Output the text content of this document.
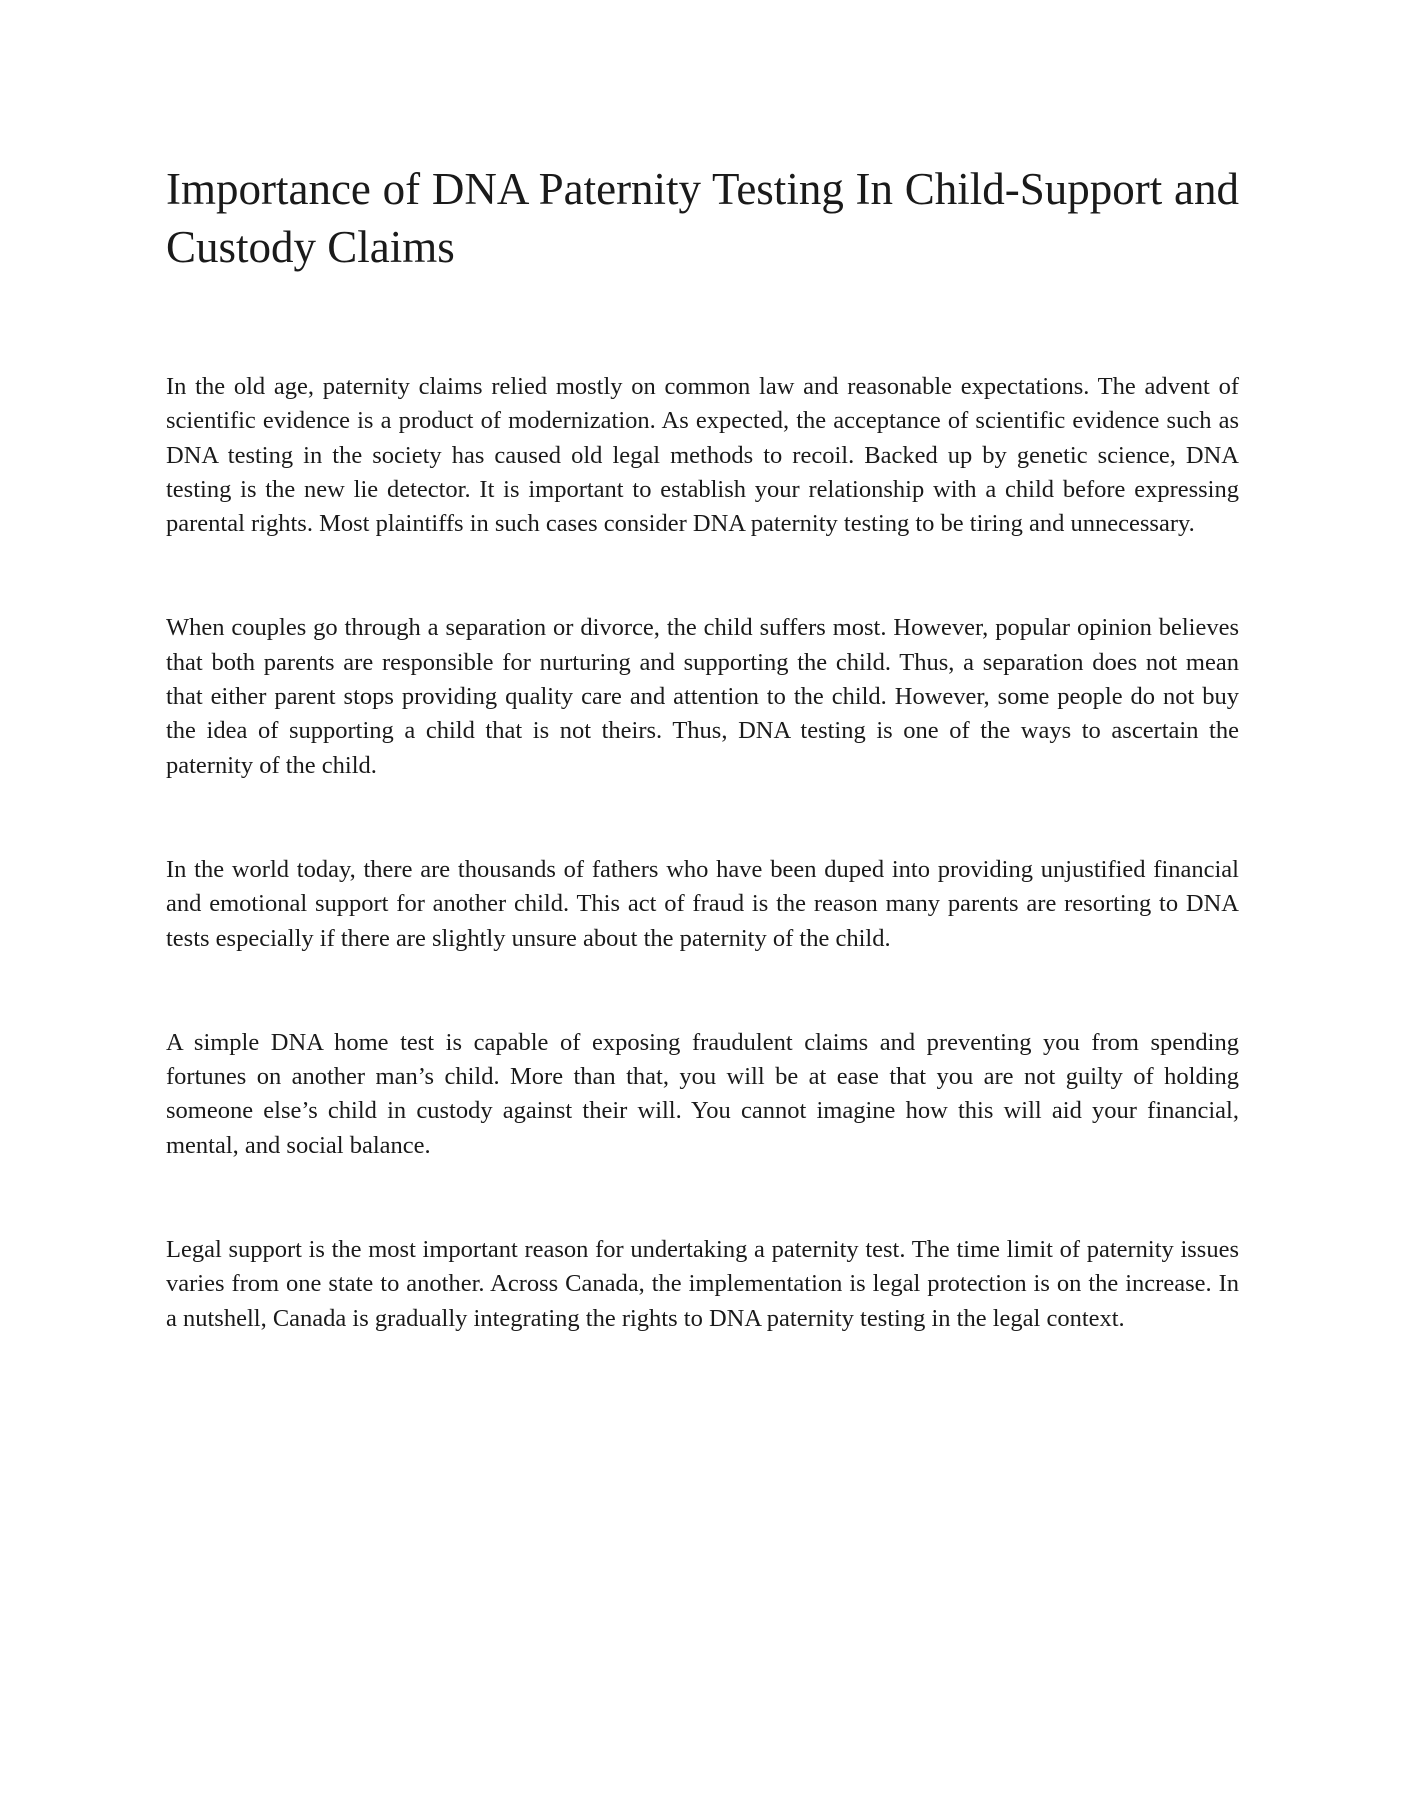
Importance of DNA Paternity Testing In Child-Support and Custody Claims

In the old age, paternity claims relied mostly on common law and reasonable expectations. The advent of scientific evidence is a product of modernization. As expected, the acceptance of scientific evidence such as DNA testing in the society has caused old legal methods to recoil. Backed up by genetic science, DNA testing is the new lie detector. It is important to establish your relationship with a child before expressing parental rights. Most plaintiffs in such cases consider DNA paternity testing to be tiring and unnecessary.

When couples go through a separation or divorce, the child suffers most. However, popular opinion believes that both parents are responsible for nurturing and supporting the child. Thus, a separation does not mean that either parent stops providing quality care and attention to the child. However, some people do not buy the idea of supporting a child that is not theirs. Thus, DNA testing is one of the ways to ascertain the paternity of the child.

In the world today, there are thousands of fathers who have been duped into providing unjustified financial and emotional support for another child. This act of fraud is the reason many parents are resorting to DNA tests especially if there are slightly unsure about the paternity of the child.

A simple DNA home test is capable of exposing fraudulent claims and preventing you from spending fortunes on another man’s child. More than that, you will be at ease that you are not guilty of holding someone else’s child in custody against their will. You cannot imagine how this will aid your financial, mental, and social balance.

Legal support is the most important reason for undertaking a paternity test. The time limit of paternity issues varies from one state to another. Across Canada, the implementation is legal protection is on the increase. In a nutshell, Canada is gradually integrating the rights to DNA paternity testing in the legal context.
